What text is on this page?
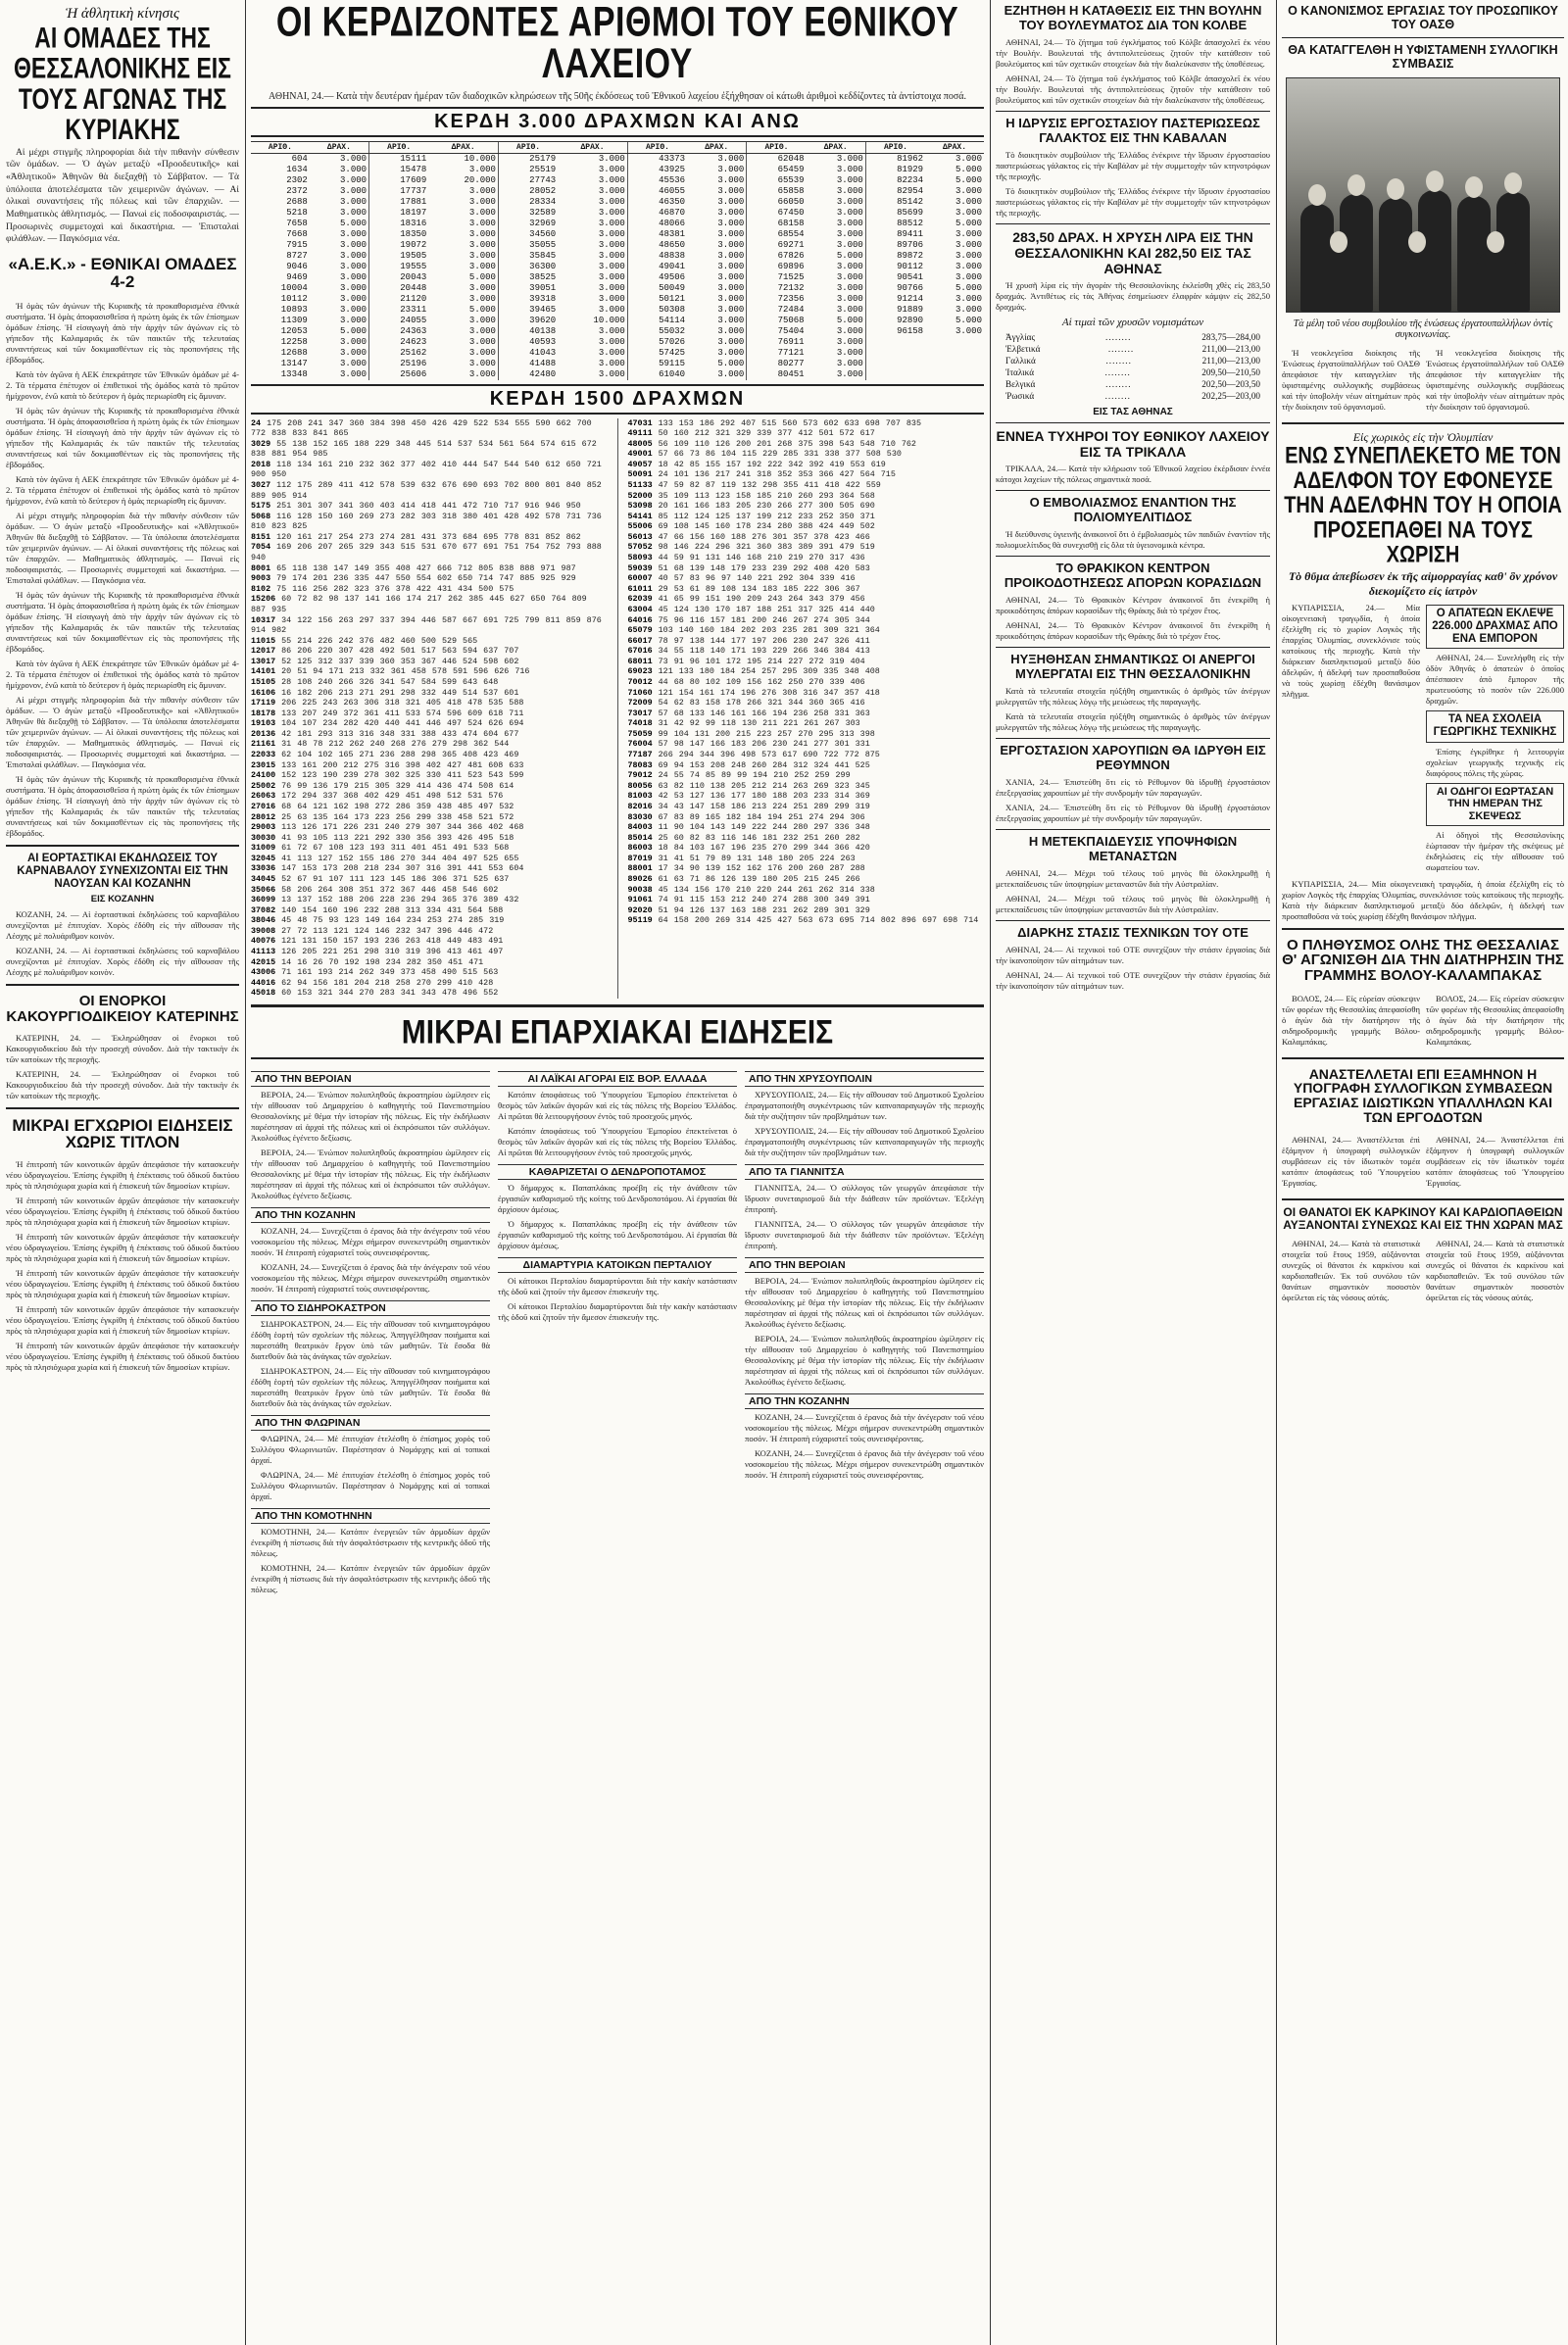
Ἡ ἀθλητικὴ κίνησις
ΑΙ ΟΜΑΔΕΣ ΤΗΣ ΘΕΣΣΑΛΟΝΙΚΗΣ ΕΙΣ ΤΟΥΣ ΑΓΩΝΑΣ ΤΗΣ ΚΥΡΙΑΚΗΣ

Αἱ μέχρι στιγμῆς πληροφορίαι διὰ τὴν πιθανὴν σύνθεσιν τῶν ὁμάδων. — Ὁ ἀγὼν μεταξὺ «Προοδευτικῆς» καὶ «Ἀθλητικοῦ» Ἀθηνῶν θὰ διεξαχθῇ τὸ Σάββατον. — Τὰ ὑπόλοιπα ἀποτελέσματα τῶν χειμερινῶν ἀγώνων. — Αἱ ὁλικαὶ συναντήσεις τῆς πόλεως καὶ τῶν ἐπαρχιῶν. — Μαθηματικὸς ἀθλητισμός. — Πανωὶ εἰς ποδοσφαιριστάς. — Προσωρινὲς συμμετοχαὶ καὶ δικαστήρια. — Ἐπισταλαὶ φιλάθλων. — Παγκόσμια νέα.

«Α.Ε.Κ.» - ΕΘΝΙΚΑΙ ΟΜΑΔΕΣ 4-2

Ἡ ὁμὰς τῶν ἀγώνων τῆς Κυριακῆς τὰ προκαθορισμένα ἐθνικὰ συστήματα. Ἡ ὁμὰς ἀποφασισθεῖσα ἡ πρώτη ὁμὰς ἐκ τῶν ἐπίσημων ὁμάδων ἐπίσης. Ἡ εἰσαγωγὴ ἀπὸ τὴν ἀρχὴν τῶν ἀγώνων εἰς τὸ γήπεδον τῆς Καλαμαριᾶς ἐκ τῶν παικτῶν τῆς τελευταίας συναντήσεως καὶ τῶν δοκιμασθέντων εἰς τὰς προπονήσεις τῆς ἑβδομάδος.

Κατὰ τὸν ἀγῶνα ἡ ΑΕΚ ἐπεκράτησε τῶν Ἐθνικῶν ὁμάδων μὲ 4-2. Τὰ τέρματα ἐπέτυχον οἱ ἐπιθετικοὶ τῆς ὁμάδος κατὰ τὸ πρῶτον ἡμίχρονον, ἐνῶ κατὰ τὸ δεύτερον ἡ ὁμὰς περιωρίσθη εἰς ἄμυναν.

Ἡ ὁμὰς τῶν ἀγώνων τῆς Κυριακῆς τὰ προκαθορισμένα ἐθνικὰ συστήματα. Ἡ ὁμὰς ἀποφασισθεῖσα ἡ πρώτη ὁμὰς ἐκ τῶν ἐπίσημων ὁμάδων ἐπίσης. Ἡ εἰσαγωγὴ ἀπὸ τὴν ἀρχὴν τῶν ἀγώνων εἰς τὸ γήπεδον τῆς Καλαμαριᾶς ἐκ τῶν παικτῶν τῆς τελευταίας συναντήσεως καὶ τῶν δοκιμασθέντων εἰς τὰς προπονήσεις τῆς ἑβδομάδος.

Κατὰ τὸν ἀγῶνα ἡ ΑΕΚ ἐπεκράτησε τῶν Ἐθνικῶν ὁμάδων μὲ 4-2. Τὰ τέρματα ἐπέτυχον οἱ ἐπιθετικοὶ τῆς ὁμάδος κατὰ τὸ πρῶτον ἡμίχρονον, ἐνῶ κατὰ τὸ δεύτερον ἡ ὁμὰς περιωρίσθη εἰς ἄμυναν.

Αἱ μέχρι στιγμῆς πληροφορίαι διὰ τὴν πιθανὴν σύνθεσιν τῶν ὁμάδων. — Ὁ ἀγὼν μεταξὺ «Προοδευτικῆς» καὶ «Ἀθλητικοῦ» Ἀθηνῶν θὰ διεξαχθῇ τὸ Σάββατον. — Τὰ ὑπόλοιπα ἀποτελέσματα τῶν χειμερινῶν ἀγώνων. — Αἱ ὁλικαὶ συναντήσεις τῆς πόλεως καὶ τῶν ἐπαρχιῶν. — Μαθηματικὸς ἀθλητισμός. — Πανωὶ εἰς ποδοσφαιριστάς. — Προσωρινὲς συμμετοχαὶ καὶ δικαστήρια. — Ἐπισταλαὶ φιλάθλων. — Παγκόσμια νέα.

Ἡ ὁμὰς τῶν ἀγώνων τῆς Κυριακῆς τὰ προκαθορισμένα ἐθνικὰ συστήματα. Ἡ ὁμὰς ἀποφασισθεῖσα ἡ πρώτη ὁμὰς ἐκ τῶν ἐπίσημων ὁμάδων ἐπίσης. Ἡ εἰσαγωγὴ ἀπὸ τὴν ἀρχὴν τῶν ἀγώνων εἰς τὸ γήπεδον τῆς Καλαμαριᾶς ἐκ τῶν παικτῶν τῆς τελευταίας συναντήσεως καὶ τῶν δοκιμασθέντων εἰς τὰς προπονήσεις τῆς ἑβδομάδος.

Κατὰ τὸν ἀγῶνα ἡ ΑΕΚ ἐπεκράτησε τῶν Ἐθνικῶν ὁμάδων μὲ 4-2. Τὰ τέρματα ἐπέτυχον οἱ ἐπιθετικοὶ τῆς ὁμάδος κατὰ τὸ πρῶτον ἡμίχρονον, ἐνῶ κατὰ τὸ δεύτερον ἡ ὁμὰς περιωρίσθη εἰς ἄμυναν.

Αἱ μέχρι στιγμῆς πληροφορίαι διὰ τὴν πιθανὴν σύνθεσιν τῶν ὁμάδων. — Ὁ ἀγὼν μεταξὺ «Προοδευτικῆς» καὶ «Ἀθλητικοῦ» Ἀθηνῶν θὰ διεξαχθῇ τὸ Σάββατον. — Τὰ ὑπόλοιπα ἀποτελέσματα τῶν χειμερινῶν ἀγώνων. — Αἱ ὁλικαὶ συναντήσεις τῆς πόλεως καὶ τῶν ἐπαρχιῶν. — Μαθηματικὸς ἀθλητισμός. — Πανωὶ εἰς ποδοσφαιριστάς. — Προσωρινὲς συμμετοχαὶ καὶ δικαστήρια. — Ἐπισταλαὶ φιλάθλων. — Παγκόσμια νέα.

Ἡ ὁμὰς τῶν ἀγώνων τῆς Κυριακῆς τὰ προκαθορισμένα ἐθνικὰ συστήματα. Ἡ ὁμὰς ἀποφασισθεῖσα ἡ πρώτη ὁμὰς ἐκ τῶν ἐπίσημων ὁμάδων ἐπίσης. Ἡ εἰσαγωγὴ ἀπὸ τὴν ἀρχὴν τῶν ἀγώνων εἰς τὸ γήπεδον τῆς Καλαμαριᾶς ἐκ τῶν παικτῶν τῆς τελευταίας συναντήσεως καὶ τῶν δοκιμασθέντων εἰς τὰς προπονήσεις τῆς ἑβδομάδος.

ΑΙ ΕΟΡΤΑΣΤΙΚΑΙ ΕΚΔΗΛΩΣΕΙΣ ΤΟΥ ΚΑΡΝΑΒΑΛΟΥ ΣΥΝΕΧΙΖΟΝΤΑΙ ΕΙΣ ΤΗΝ ΝΑΟΥΣΑΝ ΚΑΙ ΚΟΖΑΝΗΝ
ΕΙΣ ΚΟΖΑΝΗΝ

ΚΟΖΑΝΗ, 24. — Αἱ ἑορταστικαὶ ἐκδηλώσεις τοῦ καρναβάλου συνεχίζονται μὲ ἐπιτυχίαν. Χορὸς ἐδόθη εἰς τὴν αἴθουσαν τῆς Λέσχης μὲ πολυάριθμον κοινὸν.

ΚΟΖΑΝΗ, 24. — Αἱ ἑορταστικαὶ ἐκδηλώσεις τοῦ καρναβάλου συνεχίζονται μὲ ἐπιτυχίαν. Χορὸς ἐδόθη εἰς τὴν αἴθουσαν τῆς Λέσχης μὲ πολυάριθμον κοινὸν.

ΟΙ ΕΝΟΡΚΟΙ ΚΑΚΟΥΡΓΙΟΔΙΚΕΙΟΥ ΚΑΤΕΡΙΝΗΣ

ΚΑΤΕΡΙΝΗ, 24. — Ἐκληρώθησαν οἱ ἔνορκοι τοῦ Κακουργιοδικείου διὰ τὴν προσεχῆ σύνοδον. Διὰ τὴν τακτικὴν ἐκ τῶν κατοίκων τῆς περιοχῆς.

ΚΑΤΕΡΙΝΗ, 24. — Ἐκληρώθησαν οἱ ἔνορκοι τοῦ Κακουργιοδικείου διὰ τὴν προσεχῆ σύνοδον. Διὰ τὴν τακτικὴν ἐκ τῶν κατοίκων τῆς περιοχῆς.

ΜΙΚΡΑΙ ΕΓΧΩΡΙΟΙ ΕΙΔΗΣΕΙΣ ΧΩΡΙΣ ΤΙΤΛΟΝ

Ἡ ἐπιτροπὴ τῶν κοινοτικῶν ἀρχῶν ἀπεφάσισε τὴν κατασκευὴν νέου ὑδραγωγείου. Ἐπίσης ἐγκρίθη ἡ ἐπέκτασις τοῦ ὁδικοῦ δικτύου πρὸς τὰ πλησιόχωρα χωρία καὶ ἡ ἐπισκευὴ τῶν δημοσίων κτιρίων.

Ἡ ἐπιτροπὴ τῶν κοινοτικῶν ἀρχῶν ἀπεφάσισε τὴν κατασκευὴν νέου ὑδραγωγείου. Ἐπίσης ἐγκρίθη ἡ ἐπέκτασις τοῦ ὁδικοῦ δικτύου πρὸς τὰ πλησιόχωρα χωρία καὶ ἡ ἐπισκευὴ τῶν δημοσίων κτιρίων.

Ἡ ἐπιτροπὴ τῶν κοινοτικῶν ἀρχῶν ἀπεφάσισε τὴν κατασκευὴν νέου ὑδραγωγείου. Ἐπίσης ἐγκρίθη ἡ ἐπέκτασις τοῦ ὁδικοῦ δικτύου πρὸς τὰ πλησιόχωρα χωρία καὶ ἡ ἐπισκευὴ τῶν δημοσίων κτιρίων.

Ἡ ἐπιτροπὴ τῶν κοινοτικῶν ἀρχῶν ἀπεφάσισε τὴν κατασκευὴν νέου ὑδραγωγείου. Ἐπίσης ἐγκρίθη ἡ ἐπέκτασις τοῦ ὁδικοῦ δικτύου πρὸς τὰ πλησιόχωρα χωρία καὶ ἡ ἐπισκευὴ τῶν δημοσίων κτιρίων.

Ἡ ἐπιτροπὴ τῶν κοινοτικῶν ἀρχῶν ἀπεφάσισε τὴν κατασκευὴν νέου ὑδραγωγείου. Ἐπίσης ἐγκρίθη ἡ ἐπέκτασις τοῦ ὁδικοῦ δικτύου πρὸς τὰ πλησιόχωρα χωρία καὶ ἡ ἐπισκευὴ τῶν δημοσίων κτιρίων.

Ἡ ἐπιτροπὴ τῶν κοινοτικῶν ἀρχῶν ἀπεφάσισε τὴν κατασκευὴν νέου ὑδραγωγείου. Ἐπίσης ἐγκρίθη ἡ ἐπέκτασις τοῦ ὁδικοῦ δικτύου πρὸς τὰ πλησιόχωρα χωρία καὶ ἡ ἐπισκευὴ τῶν δημοσίων κτιρίων.

ΟΙ ΚΕΡΔΙΖΟΝΤΕΣ ΑΡΙΘΜΟΙ ΤΟΥ ΕΘΝΙΚΟΥ ΛΑΧΕΙΟΥ

ΑΘΗΝΑΙ, 24.— Κατὰ τὴν δευτέραν ἡμέραν τῶν διαδοχικῶν κληρώσεων τῆς 50ῆς ἐκδόσεως τοῦ Ἐθνικοῦ λαχείου ἐξήχθησαν οἱ κάτωθι ἀριθμοὶ κεδδίζοντες τὰ ἀντίστοιχα ποσά.

ΚΕΡΔΗ 3.000 ΔΡΑΧΜΩΝ ΚΑΙ ΑΝΩ
ΑΡΙΘ.	ΔΡΑΧ.	ΑΡΙΘ.	ΔΡΑΧ.	ΑΡΙΘ.	ΔΡΑΧ.	ΑΡΙΘ.	ΔΡΑΧ.	ΑΡΙΘ.	ΔΡΑΧ.	ΑΡΙΘ.	ΔΡΑΧ.
604	3.000	15111	10.000	25179	3.000	43373	3.000	62048	3.000	81962	3.000
1634	3.000	15478	3.000	25519	3.000	43925	3.000	65459	3.000	81929	5.000
2302	3.000	17609	20.000	27743	3.000	45536	3.000	65539	3.000	82234	5.000
2372	3.000	17737	3.000	28052	3.000	46055	3.000	65858	3.000	82954	3.000
2688	3.000	17881	3.000	28334	3.000	46350	3.000	66050	3.000	85142	3.000
5218	3.000	18197	3.000	32589	3.000	46870	3.000	67450	3.000	85699	3.000
7658	5.000	18316	3.000	32969	3.000	48066	3.000	68158	3.000	88512	5.000
7668	3.000	18350	3.000	34560	3.000	48381	3.000	68554	3.000	89411	3.000
7915	3.000	19072	3.000	35055	3.000	48650	3.000	69271	3.000	89706	3.000
8727	3.000	19505	3.000	35845	3.000	48838	3.000	67826	5.000	89872	3.000
9046	3.000	19555	3.000	36300	3.000	49041	3.000	69896	3.000	90112	3.000
9469	3.000	20043	5.000	38525	3.000	49506	3.000	71525	3.000	90541	3.000
10004	3.000	20448	3.000	39051	3.000	50049	3.000	72132	3.000	90766	5.000
10112	3.000	21120	3.000	39318	3.000	50121	3.000	72356	3.000	91214	3.000
10893	3.000	23311	5.000	39465	3.000	50308	3.000	72484	3.000	91889	3.000
11309	3.000	24055	3.000	39620	10.000	54114	3.000	75068	5.000	92890	5.000
12053	5.000	24363	3.000	40138	3.000	55032	3.000	75404	3.000	96158	3.000
12258	3.000	24623	3.000	40593	3.000	57026	3.000	76911	3.000		
12688	3.000	25162	3.000	41043	3.000	57425	3.000	77121	3.000		
13147	3.000	25196	3.000	41488	3.000	59115	5.000	80277	3.000		
13348	3.000	25606	3.000	42480	3.000	61040	3.000	80451	3.000		
ΚΕΡΔΗ 1500 ΔΡΑΧΜΩΝ
24 175 208 241 347 360 384 398 450 426 429 522 534 555 590 662 700 772 838 833 841 865
3029 55 138 152 165 188 229 348 445 514 537 534 561 564 574 615 672 838 881 954 985
2018 118 134 161 210 232 362 377 402 410 444 547 544 540 612 650 721 900 950
3027 112 175 289 411 412 578 539 632 676 690 693 702 800 801 840 852 889 905 914
5175 251 301 307 341 360 403 414 418 441 472 710 717 916 946 950
5068 116 128 150 160 269 273 282 303 318 380 401 428 492 578 731 736 810 823 825
8151 120 161 217 254 273 274 281 431 373 684 695 778 831 852 862
7054 169 206 207 265 329 343 515 531 670 677 691 751 754 752 793 888 940
8001 65 118 138 147 149 355 408 427 666 712 805 838 888 971 987
9003 79 174 201 236 335 447 550 554 602 650 714 747 885 925 929
8102 75 116 256 282 323 376 378 422 431 434 500 575
15206 60 72 82 98 137 141 166 174 217 262 385 445 627 650 764 809 887 935
10317 34 122 156 263 297 337 394 446 587 667 691 725 799 811 859 876 914 982
11015 55 214 226 242 376 482 460 500 529 565
12017 86 206 220 307 428 492 501 517 563 594 637 707
13017 52 125 312 337 339 360 353 367 446 524 598 602
14101 20 51 94 171 213 332 361 458 578 591 596 626 716
15105 28 108 240 266 326 341 547 584 599 643 648
16106 16 182 206 213 271 291 298 332 449 514 537 601
17119 206 225 243 263 306 318 321 405 418 478 535 588
18178 133 207 249 372 361 411 533 574 596 609 618 711
19103 104 107 234 282 420 440 441 446 497 524 626 694
20136 42 181 293 313 316 348 331 388 433 474 604 677
21161 31 48 78 212 262 240 268 276 279 298 362 544
22033 62 104 102 165 271 236 288 298 365 408 423 469
23015 133 161 200 212 275 316 398 402 427 481 608 633
24100 152 123 190 239 278 302 325 330 411 523 543 599
25002 76 99 136 179 215 305 329 414 436 474 508 614
26063 172 294 337 368 402 429 451 498 512 531 576
27016 68 64 121 162 198 272 286 359 438 485 497 532
28012 25 63 135 164 173 223 256 299 338 458 521 572
29003 113 126 171 226 231 240 279 307 344 366 402 468
30030 41 93 105 113 221 292 330 356 393 426 495 518
31009 61 72 67 108 123 193 311 401 451 491 533 568
32045 41 113 127 152 155 186 270 344 404 497 525 655
33036 147 153 173 208 218 234 307 316 391 441 553 604
34045 52 67 91 107 111 123 145 186 306 371 525 637
35066 58 206 264 308 351 372 367 446 458 546 602
36099 13 137 152 188 206 228 236 294 365 376 389 432
37082 140 154 160 196 232 288 313 334 431 564 588
38046 45 48 75 93 123 149 164 234 253 274 285 319
39008 27 72 113 121 124 146 232 347 396 446 472
40076 121 131 150 157 193 236 263 418 449 483 491
41113 126 205 221 251 298 310 319 396 413 461 497
42015 14 16 26 70 192 198 234 282 350 451 471
43006 71 161 193 214 262 349 373 458 490 515 563
44016 62 94 156 181 204 218 258 270 299 410 428
45018 60 153 321 344 270 283 341 343 478 496 552
47031 133 153 186 292 407 515 560 573 602 633 698 707 835
49111 50 160 212 321 329 339 377 412 501 572 617
48005 56 109 110 126 200 201 268 375 398 543 548 710 762
49001 57 66 73 86 104 115 229 285 331 338 377 508 530
49057 18 42 85 155 157 192 222 342 392 419 553 619
50091 24 101 136 217 241 318 352 353 366 427 564 715
51133 47 59 82 87 119 132 298 355 411 418 422 559
52000 35 109 113 123 158 185 210 260 293 364 568
53098 20 161 166 183 205 230 266 277 300 505 690
54141 85 112 124 125 137 199 212 233 252 350 371
55006 69 108 145 160 178 234 280 388 424 449 502
56013 47 66 156 160 188 276 301 357 378 423 466
57052 98 146 224 296 321 360 383 389 391 479 519
58093 44 59 91 131 146 168 210 219 270 317 436
59039 51 68 139 148 179 233 239 292 408 420 583
60007 40 57 83 96 97 140 221 292 304 339 416
61011 29 53 61 89 108 134 183 185 222 306 367
62039 41 65 99 151 190 209 243 264 343 379 456
63004 45 124 130 170 187 188 251 317 325 414 440
64016 75 96 116 157 181 200 246 267 274 305 344
65079 103 140 160 184 202 203 235 281 309 321 364
66017 78 97 138 144 177 197 206 230 247 326 411
67016 34 55 118 140 171 193 229 266 346 384 413
68011 73 91 96 101 172 195 214 227 272 319 404
69023 121 133 180 184 254 257 295 309 335 348 408
70012 44 68 80 102 109 156 162 250 270 339 406
71060 121 154 161 174 196 276 308 316 347 357 418
72009 54 62 83 158 178 266 321 344 360 365 416
73017 57 68 133 146 161 166 194 236 258 331 363
74018 31 42 92 99 118 130 211 221 261 267 303
75059 99 104 131 200 215 223 257 270 295 313 398
76004 57 98 147 166 183 206 230 241 277 301 331
77187 266 294 344 396 498 573 617 690 722 772 875
78083 69 94 153 208 248 260 284 312 324 441 525
79012 24 55 74 85 89 99 194 210 252 259 299
80056 63 82 110 138 205 212 214 263 269 323 345
81003 42 53 127 136 177 180 188 203 233 314 369
82016 34 43 147 158 186 213 224 251 289 299 319
83030 67 83 89 165 182 184 194 251 274 294 306
84003 11 90 104 143 149 222 244 280 297 336 348
85014 25 60 82 83 116 146 181 232 251 260 282
86003 18 84 103 167 196 235 270 299 344 366 420
87019 31 41 51 79 89 131 148 180 205 224 263
88001 17 34 90 139 152 162 176 200 260 287 288
89026 61 63 71 86 126 139 180 205 215 245 266
90038 45 134 156 170 210 220 244 261 262 314 338
91061 74 91 115 153 212 240 274 288 300 349 391
92020 51 94 126 137 163 188 231 262 289 301 329
95119 64 158 200 269 314 425 427 563 673 695 714 802 896 697 698 714
ΜΙΚΡΑΙ ΕΠΑΡΧΙΑΚΑΙ ΕΙΔΗΣΕΙΣ
ΑΠΟ ΤΗΝ ΒΕΡΟΙΑΝ

ΒΕΡΟΙΑ, 24.— Ἐνώπιον πολυπληθοῦς ἀκροατηρίου ὡμίλησεν εἰς τὴν αἴθουσαν τοῦ Δημαρχείου ὁ καθηγητὴς τοῦ Πανεπιστημίου Θεσσαλονίκης μὲ θέμα τὴν ἱστορίαν τῆς πόλεως. Εἰς τὴν ἐκδήλωσιν παρέστησαν αἱ ἀρχαὶ τῆς πόλεως καὶ οἱ ἐκπρόσωποι τῶν συλλόγων. Ἀκολούθως ἐγένετο δεξίωσις.

ΒΕΡΟΙΑ, 24.— Ἐνώπιον πολυπληθοῦς ἀκροατηρίου ὡμίλησεν εἰς τὴν αἴθουσαν τοῦ Δημαρχείου ὁ καθηγητὴς τοῦ Πανεπιστημίου Θεσσαλονίκης μὲ θέμα τὴν ἱστορίαν τῆς πόλεως. Εἰς τὴν ἐκδήλωσιν παρέστησαν αἱ ἀρχαὶ τῆς πόλεως καὶ οἱ ἐκπρόσωποι τῶν συλλόγων. Ἀκολούθως ἐγένετο δεξίωσις.

ΑΠΟ ΤΗΝ ΚΟΖΑΝΗΝ

ΚΟΖΑΝΗ, 24.— Συνεχίζεται ὁ ἐρανος διὰ τὴν ἀνέγερσιν τοῦ νέου νοσοκομείου τῆς πόλεως. Μέχρι σήμερον συνεκεντρώθη σημαντικὸν ποσόν. Ἡ ἐπιτροπὴ εὐχαριστεῖ τοὺς συνεισφέροντας.

ΚΟΖΑΝΗ, 24.— Συνεχίζεται ὁ ἐρανος διὰ τὴν ἀνέγερσιν τοῦ νέου νοσοκομείου τῆς πόλεως. Μέχρι σήμερον συνεκεντρώθη σημαντικὸν ποσόν. Ἡ ἐπιτροπὴ εὐχαριστεῖ τοὺς συνεισφέροντας.

ΑΠΟ ΤΟ ΣΙΔΗΡΟΚΑΣΤΡΟΝ

ΣΙΔΗΡΟΚΑΣΤΡΟΝ, 24.— Εἰς τὴν αἴθουσαν τοῦ κινηματογράφου ἐδόθη ἑορτὴ τῶν σχολείων τῆς πόλεως. Ἀπηγγέλθησαν ποιήματα καὶ παρεστάθη θεατρικὸν ἔργον ὑπὸ τῶν μαθητῶν. Τὰ ἔσοδα θὰ διατεθοῦν διὰ τὰς ἀνάγκας τῶν σχολείων.

ΣΙΔΗΡΟΚΑΣΤΡΟΝ, 24.— Εἰς τὴν αἴθουσαν τοῦ κινηματογράφου ἐδόθη ἑορτὴ τῶν σχολείων τῆς πόλεως. Ἀπηγγέλθησαν ποιήματα καὶ παρεστάθη θεατρικὸν ἔργον ὑπὸ τῶν μαθητῶν. Τὰ ἔσοδα θὰ διατεθοῦν διὰ τὰς ἀνάγκας τῶν σχολείων.

ΑΠΟ ΤΗΝ ΦΛΩΡΙΝΑΝ

ΦΛΩΡΙΝΑ, 24.— Μὲ ἐπιτυχίαν ἐτελέσθη ὁ ἐπίσημος χορὸς τοῦ Συλλόγου Φλωρινιωτῶν. Παρέστησαν ὁ Νομάρχης καὶ αἱ τοπικαὶ ἀρχαί.

ΦΛΩΡΙΝΑ, 24.— Μὲ ἐπιτυχίαν ἐτελέσθη ὁ ἐπίσημος χορὸς τοῦ Συλλόγου Φλωρινιωτῶν. Παρέστησαν ὁ Νομάρχης καὶ αἱ τοπικαὶ ἀρχαί.

ΑΠΟ ΤΗΝ ΚΟΜΟΤΗΝΗΝ

ΚΟΜΟΤΗΝΗ, 24.— Κατόπιν ἐνεργειῶν τῶν ἁρμοδίων ἀρχῶν ἐνεκρίθη ἡ πίστωσις διὰ τὴν ἀσφαλτόστρωσιν τῆς κεντρικῆς ὁδοῦ τῆς πόλεως.

ΚΟΜΟΤΗΝΗ, 24.— Κατόπιν ἐνεργειῶν τῶν ἁρμοδίων ἀρχῶν ἐνεκρίθη ἡ πίστωσις διὰ τὴν ἀσφαλτόστρωσιν τῆς κεντρικῆς ὁδοῦ τῆς πόλεως.

ΑΙ ΛΑΪΚΑΙ ΑΓΟΡΑΙ ΕΙΣ ΒΟΡ. ΕΛΛΑΔΑ

Κατόπιν ἀποφάσεως τοῦ Ὑπουργείου Ἐμπορίου ἐπεκτείνεται ὁ θεσμὸς τῶν λαϊκῶν ἀγορῶν καὶ εἰς τὰς πόλεις τῆς Βορείου Ἑλλάδος. Αἱ πρῶται θὰ λειτουργήσουν ἐντὸς τοῦ προσεχοῦς μηνός.

Κατόπιν ἀποφάσεως τοῦ Ὑπουργείου Ἐμπορίου ἐπεκτείνεται ὁ θεσμὸς τῶν λαϊκῶν ἀγορῶν καὶ εἰς τὰς πόλεις τῆς Βορείου Ἑλλάδος. Αἱ πρῶται θὰ λειτουργήσουν ἐντὸς τοῦ προσεχοῦς μηνός.

ΚΑΘΑΡΙΖΕΤΑΙ Ο ΔΕΝΔΡΟΠΟΤΑΜΟΣ

Ὁ δήμαρχος κ. Παπαπλάκας προέβη εἰς τὴν ἀνάθεσιν τῶν ἐργασιῶν καθαρισμοῦ τῆς κοίτης τοῦ Δενδροποτάμου. Αἱ ἐργασίαι θὰ ἀρχίσουν ἀμέσως.

Ὁ δήμαρχος κ. Παπαπλάκας προέβη εἰς τὴν ἀνάθεσιν τῶν ἐργασιῶν καθαρισμοῦ τῆς κοίτης τοῦ Δενδροποτάμου. Αἱ ἐργασίαι θὰ ἀρχίσουν ἀμέσως.

ΔΙΑΜΑΡΤΥΡΙΑ ΚΑΤΟΙΚΩΝ ΠΕΡΤΑΛΙΟΥ

Οἱ κάτοικοι Περταλίου διαμαρτύρονται διὰ τὴν κακὴν κατάστασιν τῆς ὁδοῦ καὶ ζητοῦν τὴν ἄμεσον ἐπισκευὴν της.

Οἱ κάτοικοι Περταλίου διαμαρτύρονται διὰ τὴν κακὴν κατάστασιν τῆς ὁδοῦ καὶ ζητοῦν τὴν ἄμεσον ἐπισκευὴν της.

ΑΠΟ ΤΗΝ ΧΡΥΣΟΥΠΟΛΙΝ

ΧΡΥΣΟΥΠΟΛΙΣ, 24.— Εἰς τὴν αἴθουσαν τοῦ Δημοτικοῦ Σχολείου ἐπραγματοποιήθη συγκέντρωσις τῶν καπνοπαραγωγῶν τῆς περιοχῆς διὰ τὴν συζήτησιν τῶν προβλημάτων των.

ΧΡΥΣΟΥΠΟΛΙΣ, 24.— Εἰς τὴν αἴθουσαν τοῦ Δημοτικοῦ Σχολείου ἐπραγματοποιήθη συγκέντρωσις τῶν καπνοπαραγωγῶν τῆς περιοχῆς διὰ τὴν συζήτησιν τῶν προβλημάτων των.

ΑΠΟ ΤΑ ΓΙΑΝΝΙΤΣΑ

ΓΙΑΝΝΙΤΣΑ, 24.— Ὁ σύλλογος τῶν γεωργῶν ἀπεφάσισε τὴν ἵδρυσιν συνεταιρισμοῦ διὰ τὴν διάθεσιν τῶν προϊόντων. Ἐξελέγη ἐπιτροπὴ.

ΓΙΑΝΝΙΤΣΑ, 24.— Ὁ σύλλογος τῶν γεωργῶν ἀπεφάσισε τὴν ἵδρυσιν συνεταιρισμοῦ διὰ τὴν διάθεσιν τῶν προϊόντων. Ἐξελέγη ἐπιτροπὴ.

ΑΠΟ ΤΗΝ ΒΕΡΟΙΑΝ

ΒΕΡΟΙΑ, 24.— Ἐνώπιον πολυπληθοῦς ἀκροατηρίου ὡμίλησεν εἰς τὴν αἴθουσαν τοῦ Δημαρχείου ὁ καθηγητὴς τοῦ Πανεπιστημίου Θεσσαλονίκης μὲ θέμα τὴν ἱστορίαν τῆς πόλεως. Εἰς τὴν ἐκδήλωσιν παρέστησαν αἱ ἀρχαὶ τῆς πόλεως καὶ οἱ ἐκπρόσωποι τῶν συλλόγων. Ἀκολούθως ἐγένετο δεξίωσις.

ΒΕΡΟΙΑ, 24.— Ἐνώπιον πολυπληθοῦς ἀκροατηρίου ὡμίλησεν εἰς τὴν αἴθουσαν τοῦ Δημαρχείου ὁ καθηγητὴς τοῦ Πανεπιστημίου Θεσσαλονίκης μὲ θέμα τὴν ἱστορίαν τῆς πόλεως. Εἰς τὴν ἐκδήλωσιν παρέστησαν αἱ ἀρχαὶ τῆς πόλεως καὶ οἱ ἐκπρόσωποι τῶν συλλόγων. Ἀκολούθως ἐγένετο δεξίωσις.

ΑΠΟ ΤΗΝ ΚΟΖΑΝΗΝ

ΚΟΖΑΝΗ, 24.— Συνεχίζεται ὁ ἐρανος διὰ τὴν ἀνέγερσιν τοῦ νέου νοσοκομείου τῆς πόλεως. Μέχρι σήμερον συνεκεντρώθη σημαντικὸν ποσόν. Ἡ ἐπιτροπὴ εὐχαριστεῖ τοὺς συνεισφέροντας.

ΚΟΖΑΝΗ, 24.— Συνεχίζεται ὁ ἐρανος διὰ τὴν ἀνέγερσιν τοῦ νέου νοσοκομείου τῆς πόλεως. Μέχρι σήμερον συνεκεντρώθη σημαντικὸν ποσόν. Ἡ ἐπιτροπὴ εὐχαριστεῖ τοὺς συνεισφέροντας.

ΕΖΗΤΗΘΗ Η ΚΑΤΑΘΕΣΙΣ ΕΙΣ ΤΗΝ ΒΟΥΛΗΝ ΤΟΥ ΒΟΥΛΕΥΜΑΤΟΣ ΔΙΑ ΤΟΝ ΚΟΛΒΕ

ΑΘΗΝΑΙ, 24.— Τὸ ζήτημα τοῦ ἐγκλήματος τοῦ Κόλβε ἀπασχολεῖ ἐκ νέου τὴν Βουλήν. Βουλευταὶ τῆς ἀντιπολιτεύσεως ζητοῦν τὴν κατάθεσιν τοῦ βουλεύματος καὶ τῶν σχετικῶν στοιχείων διὰ τὴν διαλεύκανσιν τῆς ὑποθέσεως.

ΑΘΗΝΑΙ, 24.— Τὸ ζήτημα τοῦ ἐγκλήματος τοῦ Κόλβε ἀπασχολεῖ ἐκ νέου τὴν Βουλήν. Βουλευταὶ τῆς ἀντιπολιτεύσεως ζητοῦν τὴν κατάθεσιν τοῦ βουλεύματος καὶ τῶν σχετικῶν στοιχείων διὰ τὴν διαλεύκανσιν τῆς ὑποθέσεως.

Η ΙΔΡΥΣΙΣ ΕΡΓΟΣΤΑΣΙΟΥ ΠΑΣΤΕΡΙΩΣΕΩΣ ΓΑΛΑΚΤΟΣ ΕΙΣ ΤΗΝ ΚΑΒΑΛΑΝ

Τὸ διοικητικὸν συμβούλιον τῆς Ἑλλάδος ἐνέκρινε τὴν ἵδρυσιν ἐργοστασίου παστεριώσεως γάλακτος εἰς τὴν Καβάλαν μὲ τὴν συμμετοχὴν τῶν κτηνοτρόφων τῆς περιοχῆς.

Τὸ διοικητικὸν συμβούλιον τῆς Ἑλλάδος ἐνέκρινε τὴν ἵδρυσιν ἐργοστασίου παστεριώσεως γάλακτος εἰς τὴν Καβάλαν μὲ τὴν συμμετοχὴν τῶν κτηνοτρόφων τῆς περιοχῆς.

283,50 ΔΡΑΧ. Η ΧΡΥΣΗ ΛΙΡΑ ΕΙΣ ΤΗΝ ΘΕΣΣΑΛΟΝΙΚΗΝ ΚΑΙ 282,50 ΕΙΣ ΤΑΣ ΑΘΗΝΑΣ

Ἡ χρυσῆ λίρα εἰς τὴν ἀγορὰν τῆς Θεσσαλονίκης ἐκλείσθη χθὲς εἰς 283,50 δραχμάς. Ἀντιθέτως εἰς τὰς Ἀθήνας ἐσημείωσεν ἐλαφρὰν κάμψιν εἰς 282,50 δραχμάς.

Αἱ τιμαὶ τῶν χρυσῶν νομισμάτων
Ἀγγλίας	........	283,75—284,00
Ἑλβετικά	........	211,00—213,00
Γαλλικά	........	211,00—213,00
Ἰταλικά	........	209,50—210,50
Βελγικά	........	202,50—203,50
Ῥωσικά	........	202,25—203,00
ΕΙΣ ΤΑΣ ΑΘΗΝΑΣ
ΕΝΝΕΑ ΤΥΧΗΡΟΙ ΤΟΥ ΕΘΝΙΚΟΥ ΛΑΧΕΙΟΥ ΕΙΣ ΤΑ ΤΡΙΚΑΛΑ

ΤΡΙΚΑΛΑ, 24.— Κατὰ τὴν κλήρωσιν τοῦ Ἐθνικοῦ λαχείου ἐκέρδισαν ἐννέα κάτοχοι λαχείων τῆς πόλεως σημαντικὰ ποσά.

Ο ΕΜΒΟΛΙΑΣΜΟΣ ΕΝΑΝΤΙΟΝ ΤΗΣ ΠΟΛΙΟΜΥΕΛΙΤΙΔΟΣ

Ἡ διεύθυνσις ὑγιεινῆς ἀνακοινοῖ ὅτι ὁ ἐμβολιασμὸς τῶν παιδιῶν ἐναντίον τῆς πολιομυελίτιδος θὰ συνεχισθῇ εἰς ὅλα τὰ ὑγειονομικὰ κέντρα.

ΤΟ ΘΡΑΚΙΚΟΝ ΚΕΝΤΡΟΝ ΠΡΟΙΚΟΔΟΤΗΣΕΩΣ ΑΠΟΡΩΝ ΚΟΡΑΣΙΔΩΝ

ΑΘΗΝΑΙ, 24.— Τὸ Θρακικὸν Κέντρον ἀνακοινοῖ ὅτι ἐνεκρίθη ἡ προικοδότησις ἀπόρων κορασίδων τῆς Θράκης διὰ τὸ τρέχον ἔτος.

ΑΘΗΝΑΙ, 24.— Τὸ Θρακικὸν Κέντρον ἀνακοινοῖ ὅτι ἐνεκρίθη ἡ προικοδότησις ἀπόρων κορασίδων τῆς Θράκης διὰ τὸ τρέχον ἔτος.

ΗΥΞΗΘΗΣΑΝ ΣΗΜΑΝΤΙΚΩΣ ΟΙ ΑΝΕΡΓΟΙ ΜΥΛΕΡΓΑΤΑΙ ΕΙΣ ΤΗΝ ΘΕΣΣΑΛΟΝΙΚΗΝ

Κατὰ τὰ τελευταῖα στοιχεῖα ηὐξήθη σημαντικῶς ὁ ἀριθμὸς τῶν ἀνέργων μυλεργατῶν τῆς πόλεως λόγῳ τῆς μειώσεως τῆς παραγωγῆς.

Κατὰ τὰ τελευταῖα στοιχεῖα ηὐξήθη σημαντικῶς ὁ ἀριθμὸς τῶν ἀνέργων μυλεργατῶν τῆς πόλεως λόγῳ τῆς μειώσεως τῆς παραγωγῆς.

ΕΡΓΟΣΤΑΣΙΟΝ ΧΑΡΟΥΠΙΩΝ ΘΑ ΙΔΡΥΘΗ ΕΙΣ ΡΕΘΥΜΝΟΝ

ΧΑΝΙΑ, 24.— Ἐπιστεύθη ὅτι εἰς τὸ Ρέθυμνον θὰ ἱδρυθῇ ἐργοστάσιον ἐπεξεργασίας χαρουπίων μὲ τὴν συνδρομὴν τῶν παραγωγῶν.

ΧΑΝΙΑ, 24.— Ἐπιστεύθη ὅτι εἰς τὸ Ρέθυμνον θὰ ἱδρυθῇ ἐργοστάσιον ἐπεξεργασίας χαρουπίων μὲ τὴν συνδρομὴν τῶν παραγωγῶν.

Η ΜΕΤΕΚΠΑΙΔΕΥΣΙΣ ΥΠΟΨΗΦΙΩΝ ΜΕΤΑΝΑΣΤΩΝ

ΑΘΗΝΑΙ, 24.— Μέχρι τοῦ τέλους τοῦ μηνὸς θὰ ὁλοκληρωθῇ ἡ μετεκπαίδευσις τῶν ὑποψηφίων μεταναστῶν διὰ τὴν Αὐστραλίαν.

ΑΘΗΝΑΙ, 24.— Μέχρι τοῦ τέλους τοῦ μηνὸς θὰ ὁλοκληρωθῇ ἡ μετεκπαίδευσις τῶν ὑποψηφίων μεταναστῶν διὰ τὴν Αὐστραλίαν.

ΔΙΑΡΚΗΣ ΣΤΑΣΙΣ ΤΕΧΝΙΚΩΝ ΤΟΥ ΟΤΕ

ΑΘΗΝΑΙ, 24.— Αἱ τεχνικοὶ τοῦ ΟΤΕ συνεχίζουν τὴν στάσιν ἐργασίας διὰ τὴν ἱκανοποίησιν τῶν αἰτημάτων των.

ΑΘΗΝΑΙ, 24.— Αἱ τεχνικοὶ τοῦ ΟΤΕ συνεχίζουν τὴν στάσιν ἐργασίας διὰ τὴν ἱκανοποίησιν τῶν αἰτημάτων των.

Ο ΚΑΝΟΝΙΣΜΟΣ ΕΡΓΑΣΙΑΣ ΤΟΥ ΠΡΟΣΩΠΙΚΟΥ ΤΟΥ ΟΑΣΘ
ΘΑ ΚΑΤΑΓΓΕΛΘΗ Η ΥΦΙΣΤΑΜΕΝΗ ΣΥΛΛΟΓΙΚΗ ΣΥΜΒΑΣΙΣ
Τὰ μέλη τοῦ νέου συμβουλίου τῆς ἑνώσεως ἐργατουπαλλήλων ὀντὶς συγκοινωνίας.

Ἡ νεοκλεγεῖσα διοίκησις τῆς Ἑνώσεως ἐργατοϋπαλλήλων τοῦ ΟΑΣΘ ἀπεφάσισε τὴν καταγγελίαν τῆς ὑφισταμένης συλλογικῆς συμβάσεως καὶ τὴν ὑποβολὴν νέων αἰτημάτων πρὸς τὴν διοίκησιν τοῦ ὀργανισμοῦ.

Ἡ νεοκλεγεῖσα διοίκησις τῆς Ἑνώσεως ἐργατοϋπαλλήλων τοῦ ΟΑΣΘ ἀπεφάσισε τὴν καταγγελίαν τῆς ὑφισταμένης συλλογικῆς συμβάσεως καὶ τὴν ὑποβολὴν νέων αἰτημάτων πρὸς τὴν διοίκησιν τοῦ ὀργανισμοῦ.

Εἰς χωρικὸς εἰς τὴν Ὀλυμπίαν
ΕΝΩ ΣΥΝΕΠΛΕΚΕΤΟ ΜΕ ΤΟΝ ΑΔΕΛΦΟΝ ΤΟΥ ΕΦΟΝΕΥΣΕ ΤΗΝ ΑΔΕΛΦΗΝ ΤΟΥ Η ΟΠΟΙΑ ΠΡΟΣΕΠΑΘΕΙ ΝΑ ΤΟΥΣ ΧΩΡΙΣΗ
Τὸ θῦμα ἀπεβίωσεν ἐκ τῆς αἱμορραγίας καθ' ὃν χρόνον διεκομίζετο εἰς ἰατρὸν

ΚΥΠΑΡΙΣΣΙΑ, 24.— Μία οἰκογενειακὴ τραγῳδία, ἡ ὁποία ἐξελίχθη εἰς τὸ χωρίον Λογκὸς τῆς ἐπαρχίας Ὀλυμπίας, συνεκλόνισε τοὺς κατοίκους τῆς περιοχῆς. Κατὰ τὴν διάρκειαν διαπληκτισμοῦ μεταξὺ δύο ἀδελφῶν, ἡ ἀδελφή των προσπαθοῦσα νὰ τοὺς χωρίσῃ ἐδέχθη θανάσιμον πλῆγμα.

Ο ΑΠΑΤΕΩΝ ΕΚΛΕΨΕ 226.000 ΔΡΑΧΜΑΣ ΑΠΟ ΕΝΑ ΕΜΠΟΡΟΝ

ΑΘΗΝΑΙ, 24.— Συνελήφθη εἰς τὴν ὁδὸν Ἀθηνᾶς ὁ ἀπατεὼν ὁ ὁποῖος ἀπέσπασεν ἀπὸ ἔμπορον τῆς πρωτευούσης τὸ ποσὸν τῶν 226.000 δραχμῶν.

ΤΑ ΝΕΑ ΣΧΟΛΕΙΑ ΓΕΩΡΓΙΚΗΣ ΤΕΧΝΙΚΗΣ

Ἐπίσης ἐγκρίθηκε ἡ λειτουργία σχολείων γεωργικῆς τεχνικῆς εἰς διαφόρους πόλεις τῆς χώρας.

ΑΙ ΟΔΗΓΟΙ ΕΩΡΤΑΣΑΝ ΤΗΝ ΗΜΕΡΑΝ ΤΗΣ ΣΚΕΨΕΩΣ

Αἱ ὁδηγοὶ τῆς Θεσσαλονίκης ἑώρτασαν τὴν ἡμέραν τῆς σκέψεως μὲ ἐκδηλώσεις εἰς τὴν αἴθουσαν τοῦ σωματείου των.

ΚΥΠΑΡΙΣΣΙΑ, 24.— Μία οἰκογενειακὴ τραγῳδία, ἡ ὁποία ἐξελίχθη εἰς τὸ χωρίον Λογκὸς τῆς ἐπαρχίας Ὀλυμπίας, συνεκλόνισε τοὺς κατοίκους τῆς περιοχῆς. Κατὰ τὴν διάρκειαν διαπληκτισμοῦ μεταξὺ δύο ἀδελφῶν, ἡ ἀδελφή των προσπαθοῦσα νὰ τοὺς χωρίσῃ ἐδέχθη θανάσιμον πλῆγμα.

Ο ΠΛΗΘΥΣΜΟΣ ΟΛΗΣ ΤΗΣ ΘΕΣΣΑΛΙΑΣ Θ' ΑΓΩΝΙΣΘΗ ΔΙΑ ΤΗΝ ΔΙΑΤΗΡΗΣΙΝ ΤΗΣ ΓΡΑΜΜΗΣ ΒΟΛΟΥ-ΚΑΛΑΜΠΑΚΑΣ

ΒΟΛΟΣ, 24.— Εἰς εὐρείαν σύσκεψιν τῶν φορέων τῆς Θεσσαλίας ἀπεφασίσθη ὁ ἀγὼν διὰ τὴν διατήρησιν τῆς σιδηροδρομικῆς γραμμῆς Βόλου-Καλαμπάκας.

ΒΟΛΟΣ, 24.— Εἰς εὐρείαν σύσκεψιν τῶν φορέων τῆς Θεσσαλίας ἀπεφασίσθη ὁ ἀγὼν διὰ τὴν διατήρησιν τῆς σιδηροδρομικῆς γραμμῆς Βόλου-Καλαμπάκας.

ΑΝΑΣΤΕΛΛΕΤΑΙ ΕΠΙ ΕΞΑΜΗΝΟΝ Η ΥΠΟΓΡΑΦΗ ΣΥΛΛΟΓΙΚΩΝ ΣΥΜΒΑΣΕΩΝ ΕΡΓΑΣΙΑΣ ΙΔΙΩΤΙΚΩΝ ΥΠΑΛΛΗΛΩΝ ΚΑΙ ΤΩΝ ΕΡΓΟΔΟΤΩΝ

ΑΘΗΝΑΙ, 24.— Ἀναστέλλεται ἐπὶ ἑξάμηνον ἡ ὑπογραφὴ συλλογικῶν συμβάσεων εἰς τὸν ἰδιωτικὸν τομέα κατόπιν ἀποφάσεως τοῦ Ὑπουργείου Ἐργασίας.

ΑΘΗΝΑΙ, 24.— Ἀναστέλλεται ἐπὶ ἑξάμηνον ἡ ὑπογραφὴ συλλογικῶν συμβάσεων εἰς τὸν ἰδιωτικὸν τομέα κατόπιν ἀποφάσεως τοῦ Ὑπουργείου Ἐργασίας.

ΟΙ ΘΑΝΑΤΟΙ ΕΚ ΚΑΡΚΙΝΟΥ ΚΑΙ ΚΑΡΔΙΟΠΑΘΕΙΩΝ ΑΥΞΑΝΟΝΤΑΙ ΣΥΝΕΧΩΣ ΚΑΙ ΕΙΣ ΤΗΝ ΧΩΡΑΝ ΜΑΣ

ΑΘΗΝΑΙ, 24.— Κατὰ τὰ στατιστικὰ στοιχεῖα τοῦ ἔτους 1959, αὐξάνονται συνεχῶς οἱ θάνατοι ἐκ καρκίνου καὶ καρδιοπαθειῶν. Ἐκ τοῦ συνόλου τῶν θανάτων σημαντικὸν ποσοστὸν ὀφείλεται εἰς τὰς νόσους αὐτάς.

ΑΘΗΝΑΙ, 24.— Κατὰ τὰ στατιστικὰ στοιχεῖα τοῦ ἔτους 1959, αὐξάνονται συνεχῶς οἱ θάνατοι ἐκ καρκίνου καὶ καρδιοπαθειῶν. Ἐκ τοῦ συνόλου τῶν θανάτων σημαντικὸν ποσοστὸν ὀφείλεται εἰς τὰς νόσους αὐτάς.
